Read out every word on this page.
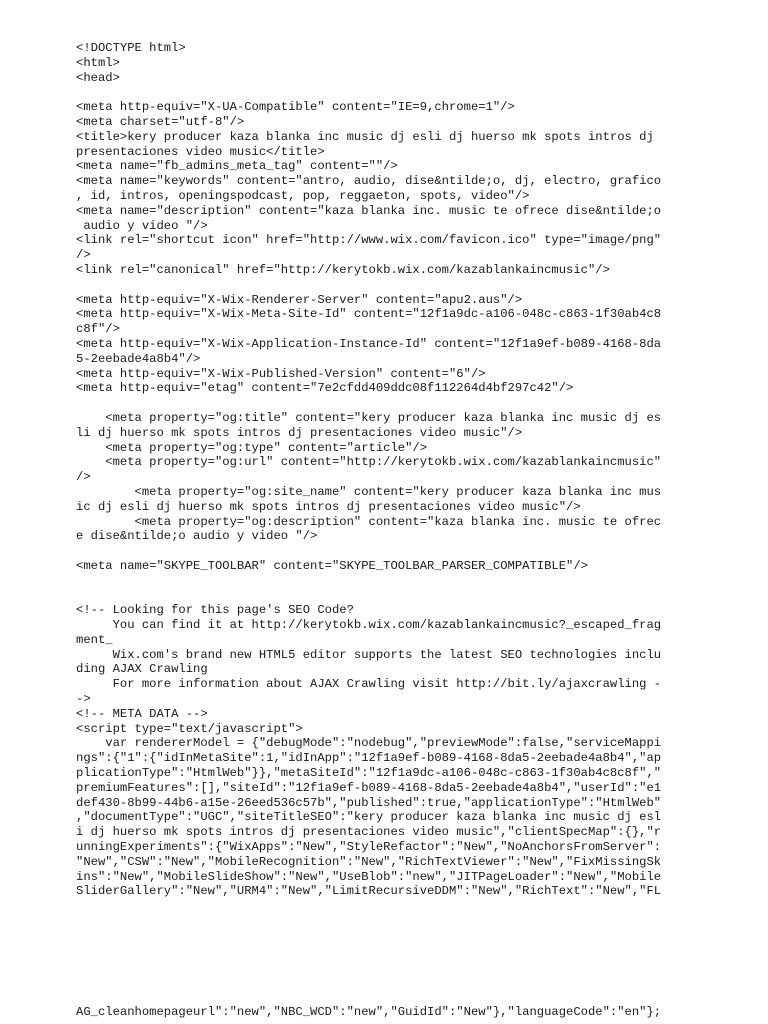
<!DOCTYPE html>
<html>
<head>
<meta http-equiv="X-UA-Compatible" content="IE=9,chrome=1"/>
<meta charset="utf-8"/>
<title>kery producer kaza blanka inc music dj esli dj huerso mk spots intros dj
presentaciones video music</title>
<meta name="fb_admins_meta_tag" content=""/>
<meta name="keywords" content="antro, audio, dise&ntilde;o, dj, electro, grafico
, id, intros, openingspodcast, pop, reggaeton, spots, video"/>
<meta name="description" content="kaza blanka inc. music te ofrece dise&ntilde;o
audio y video "/>
<link rel="shortcut icon" href="http://www.wix.com/favicon.ico" type="image/png"
/>
<link rel="canonical" href="http://kerytokb.wix.com/kazablankaincmusic"/>
<meta http-equiv="X-Wix-Renderer-Server" content="apu2.aus"/>
<meta http-equiv="X-Wix-Meta-Site-Id" content="12f1a9dc-a106-048c-c863-1f30ab4c8
c8f"/>
<meta http-equiv="X-Wix-Application-Instance-Id" content="12f1a9ef-b089-4168-8da
5-2eebade4a8b4"/>
<meta http-equiv="X-Wix-Published-Version" content="6"/>
<meta http-equiv="etag" content="7e2cfdd409ddc08f112264d4bf297c42"/>
<meta property="og:title" content="kery producer kaza blanka inc music dj es
li dj huerso mk spots intros dj presentaciones video music"/>
<meta property="og:type" content="article"/>
<meta property="og:url" content="http://kerytokb.wix.com/kazablankaincmusic"
/>
<meta property="og:site_name" content="kery producer kaza blanka inc mus
ic dj esli dj huerso mk spots intros dj presentaciones video music"/>
<meta property="og:description" content="kaza blanka inc. music te ofrec
e dise&ntilde;o audio y video "/>
<meta name="SKYPE_TOOLBAR" content="SKYPE_TOOLBAR_PARSER_COMPATIBLE"/>
<!-- Looking for this page's SEO Code?
You can find it at http://kerytokb.wix.com/kazablankaincmusic?_escaped_frag
ment_
Wix.com's brand new HTML5 editor supports the latest SEO technologies inclu
ding AJAX Crawling
For more information about AJAX Crawling visit http://bit.ly/ajaxcrawling -
->
<!-- META DATA -->
<script type="text/javascript">
var rendererModel = {"debugMode":"nodebug","previewMode":false,"serviceMappi
ngs":{"1":{"idInMetaSite":1,"idInApp":"12f1a9ef-b089-4168-8da5-2eebade4a8b4","ap
plicationType":"HtmlWeb"}},"metaSiteId":"12f1a9dc-a106-048c-c863-1f30ab4c8c8f","
premiumFeatures":[],"siteId":"12f1a9ef-b089-4168-8da5-2eebade4a8b4","userId":"e1
def430-8b99-44b6-a15e-26eed536c57b","published":true,"applicationType":"HtmlWeb"
,"documentType":"UGC","siteTitleSEO":"kery producer kaza blanka inc music dj esl
i dj huerso mk spots intros dj presentaciones video music","clientSpecMap":{},"r
unningExperiments":{"WixApps":"New","StyleRefactor":"New","NoAnchorsFromServer":
"New","CSW":"New","MobileRecognition":"New","RichTextViewer":"New","FixMissingSk
ins":"New","MobileSlideShow":"New","UseBlob":"new","JITPageLoader":"New","Mobile
SliderGallery":"New","URM4":"New","LimitRecursiveDDM":"New","RichText":"New","FL
AG_cleanhomepageurl":"new","NBC_WCD":"new","GuidId":"New"},"languageCode":"en"};
